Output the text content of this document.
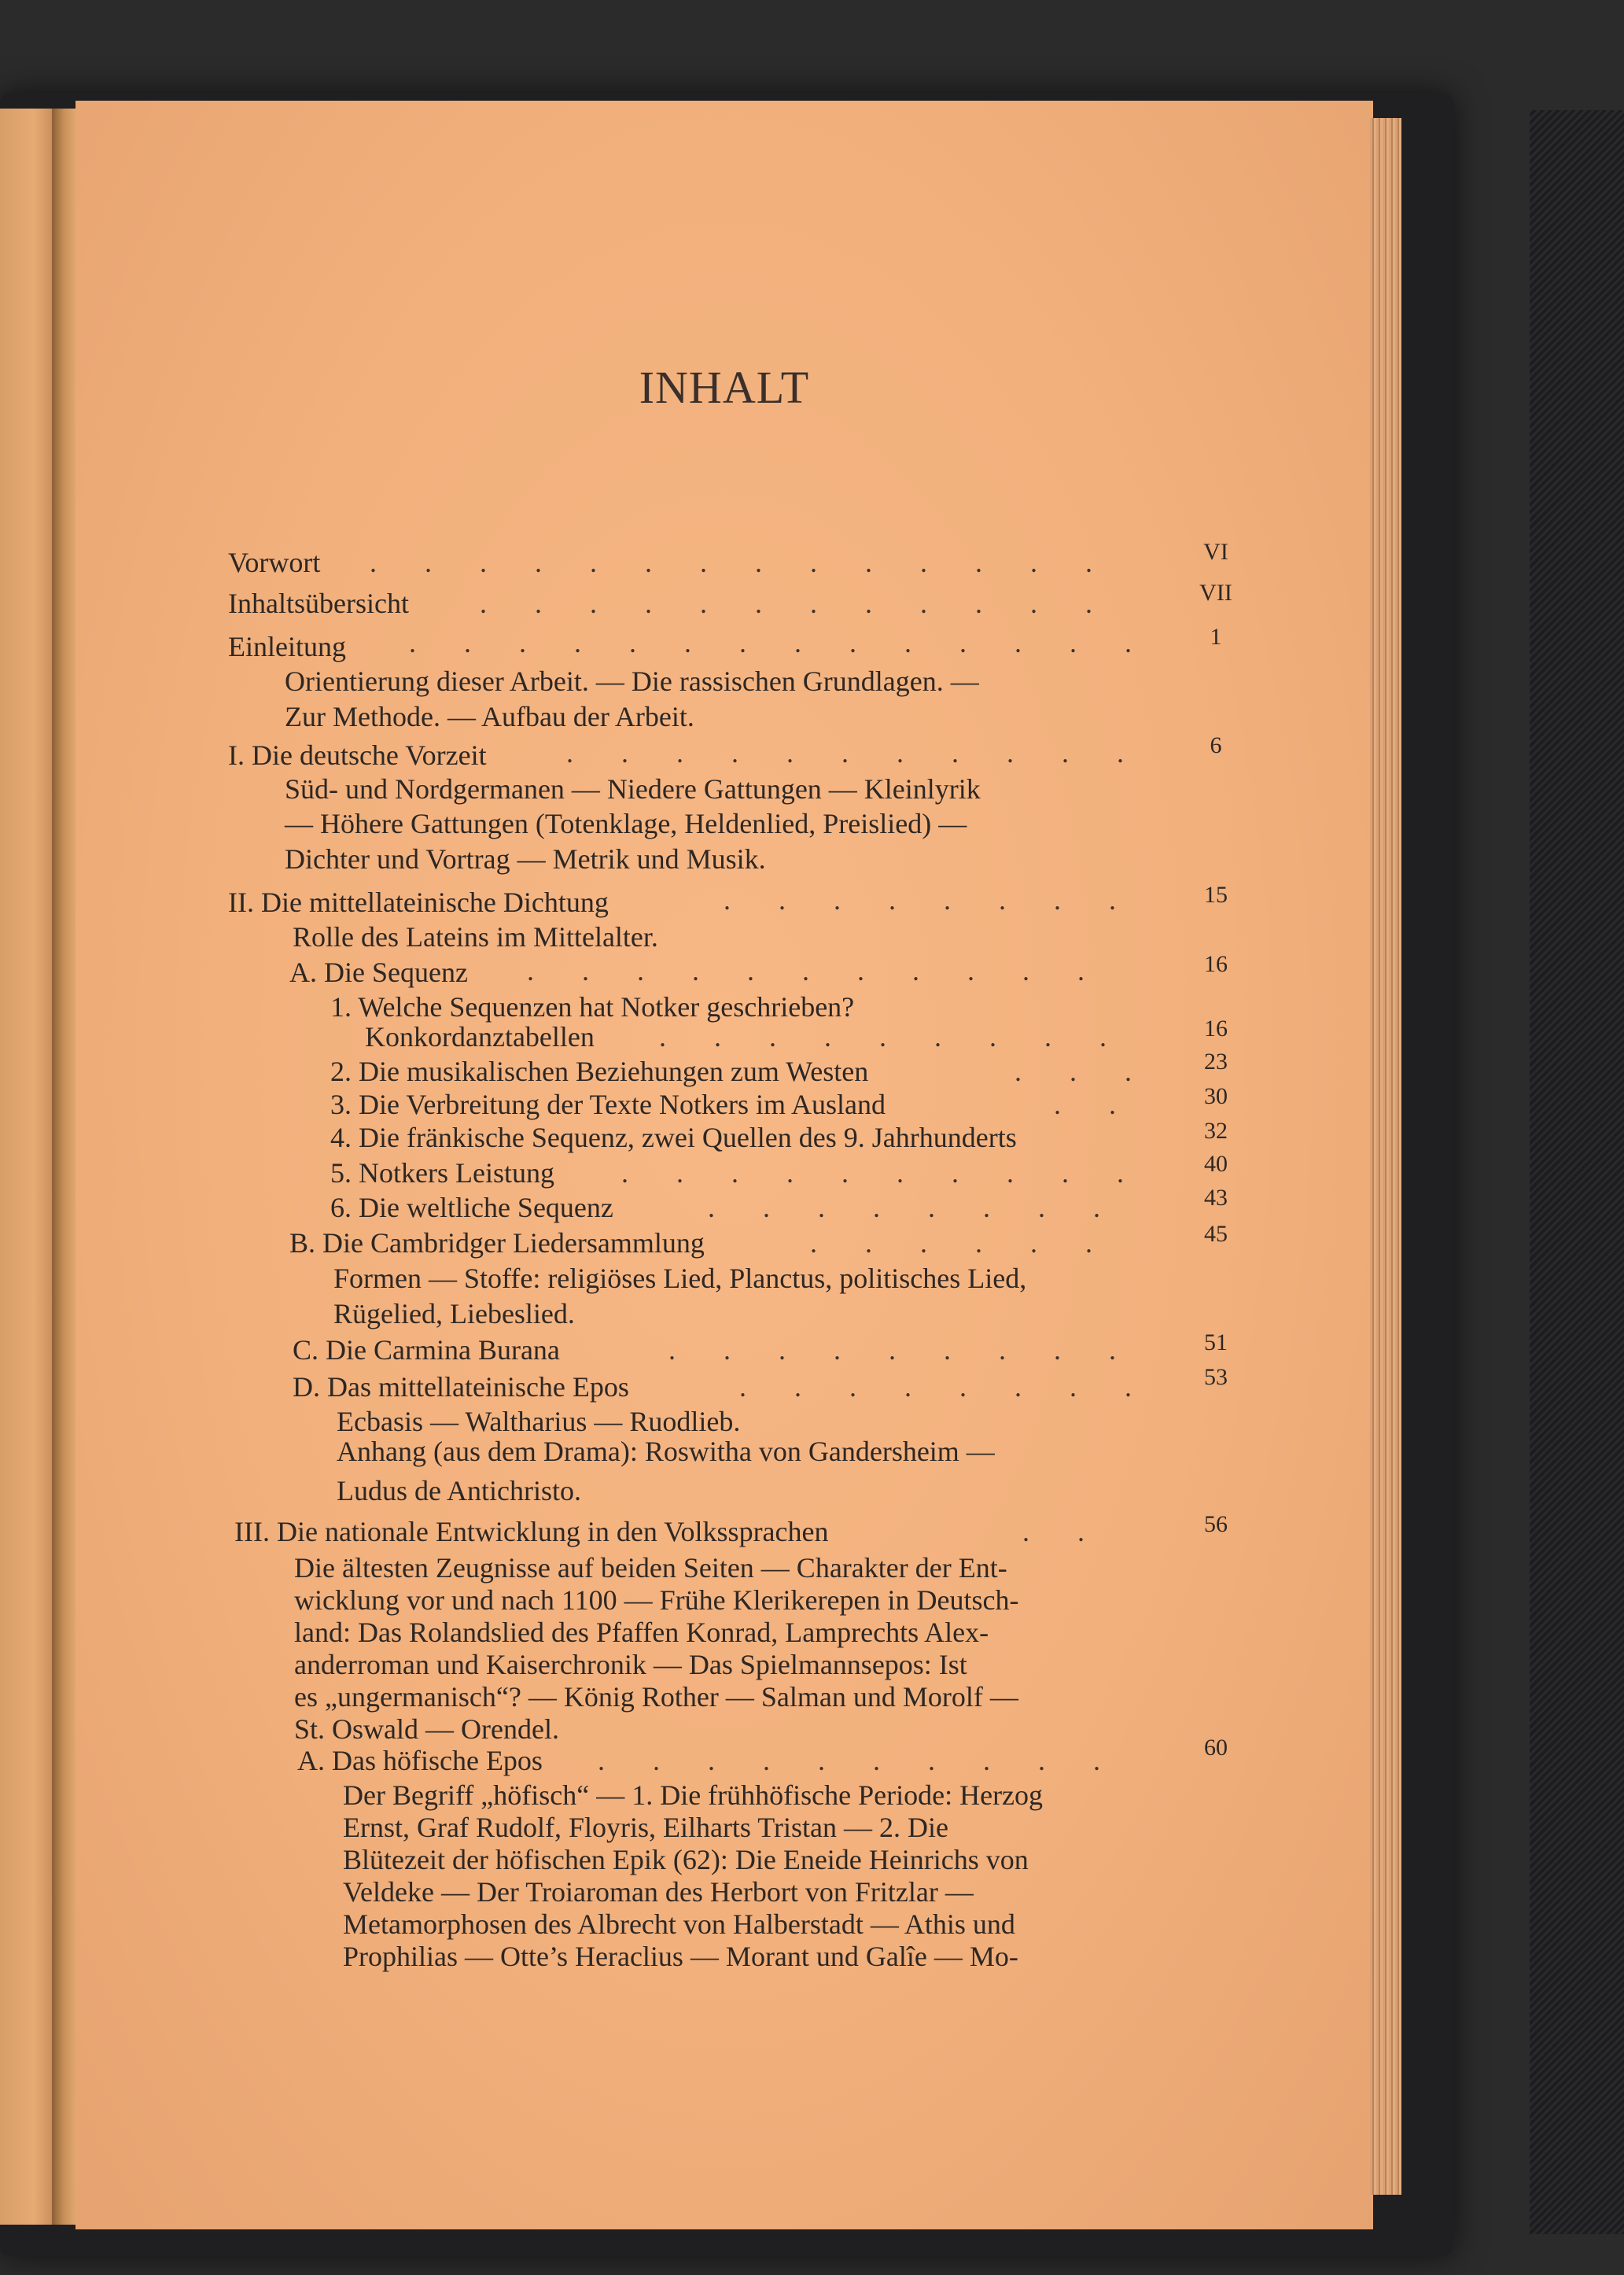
INHALT
Vorwort . . . . . . . . . . . . . .	VI
Inhaltsübersicht	. . . . . . . . . . . .	VII
Einleitung . . . . . . . . . . . . . .	1
Orientierung dieser Arbeit. — Die rassischen Grundlagen. —
Zur Methode. — Aufbau der Arbeit.
I. Die deutsche Vorzeit	. . . . . . . . . . .	6
Süd- und Nordgermanen — Niedere Gattungen — Kleinlyrik
— Höhere Gattungen (Totenklage, Heldenlied, Preislied) —
Dichter und Vortrag — Metrik und Musik.
II. Die mittellateinische Dichtung	. . . . . . . .	15
Rolle des Lateins im Mittelalter.
A. Die Sequenz . . . . . . . . . . .	16
1. Welche Sequenzen hat Notker geschrieben?
Konkordanztabellen . . . . . . . . .	16
2. Die musikalischen Beziehungen zum Westen	. . .	23
3. Die Verbreitung der Texte Notkers im Ausland	. .	30
4. Die fränkische Sequenz, zwei Quellen des 9. Jahrhunderts	32
5. Notkers Leistung . . . . . . . . . .	40
6. Die weltliche Sequenz	. . . . . . . .	43
B. Die Cambridger Liedersammlung	. . . . . .	45
Formen — Stoffe: religiöses Lied, Planctus, politisches Lied,
Rügelied, Liebeslied.
C. Die Carmina Burana	. . . . . . . . .	51
D. Das mittellateinische Epos	. . . . . . . .	53
Ecbasis — Waltharius — Ruodlieb.
Anhang (aus dem Drama): Roswitha von Gandersheim —
Ludus de Antichristo.
III. Die nationale Entwicklung in den Volkssprachen	. .	56
Die ältesten Zeugnisse auf beiden Seiten — Charakter der Ent-
wicklung vor und nach 1100 — Frühe Klerikerepen in Deutsch-
land: Das Rolandslied des Pfaffen Konrad, Lamprechts Alex-
anderroman und Kaiserchronik — Das Spielmannsepos: Ist
es „ungermanisch“? — König Rother — Salman und Morolf —
St. Oswald — Orendel.
A. Das höfische Epos . . . . . . . . . .	60
Der Begriff „höfisch“ — 1. Die frühhöfische Periode: Herzog
Ernst, Graf Rudolf, Floyris, Eilharts Tristan — 2. Die
Blütezeit der höfischen Epik (62): Die Eneide Heinrichs von
Veldeke — Der Troiaroman des Herbort von Fritzlar —
Metamorphosen des Albrecht von Halberstadt — Athis und
Prophilias — Otte’s Heraclius — Morant und Galîe — Mo-
